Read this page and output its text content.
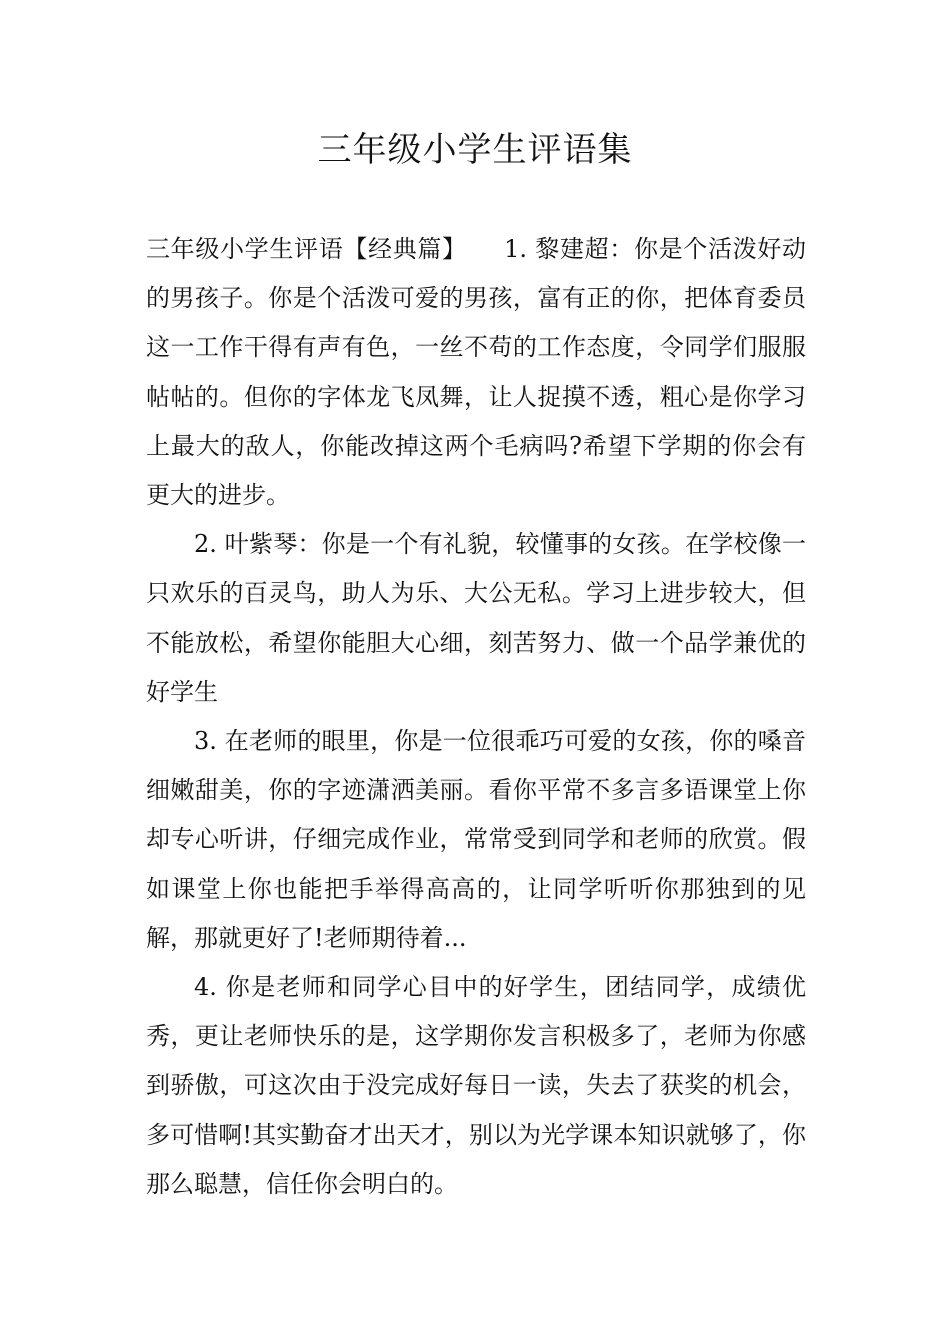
三年级小学生评语集

三年级小学生评语【经典篇】　　1. 黎建超：你是个活泼好动的男孩子。你是个活泼可爱的男孩，富有正的你，把体育委员这一工作干得有声有色，一丝不苟的工作态度，令同学们服服帖帖的。但你的字体龙飞凤舞，让人捉摸不透，粗心是你学习上最大的敌人，你能改掉这两个毛病吗?希望下学期的你会有更大的进步。

2. 叶紫琴：你是一个有礼貌，较懂事的女孩。在学校像一只欢乐的百灵鸟，助人为乐、大公无私。学习上进步较大，但不能放松，希望你能胆大心细，刻苦努力、做一个品学兼优的好学生

3. 在老师的眼里，你是一位很乖巧可爱的女孩，你的嗓音细嫩甜美，你的字迹潇洒美丽。看你平常不多言多语课堂上你却专心听讲，仔细完成作业，常常受到同学和老师的欣赏。假如课堂上你也能把手举得高高的，让同学听听你那独到的见解，那就更好了!老师期待着...

4. 你是老师和同学心目中的好学生，团结同学，成绩优秀，更让老师快乐的是，这学期你发言积极多了，老师为你感到骄傲，可这次由于没完成好每日一读，失去了获奖的机会，多可惜啊!其实勤奋才出天才，别以为光学课本知识就够了，你那么聪慧，信任你会明白的。
